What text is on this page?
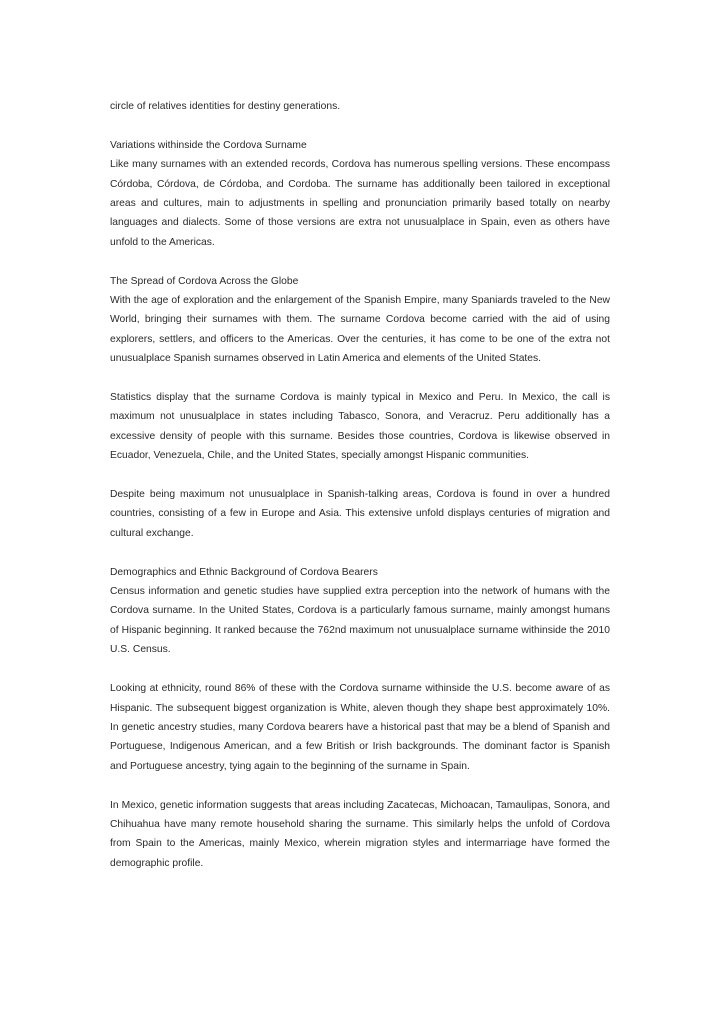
circle of relatives identities for destiny generations.

Variations withinside the Cordova Surname

Like many surnames with an extended records, Cordova has numerous spelling versions. These encompass Córdoba, Córdova, de Córdoba, and Cordoba. The surname has additionally been tailored in exceptional areas and cultures, main to adjustments in spelling and pronunciation primarily based totally on nearby languages and dialects. Some of those versions are extra not unusualplace in Spain, even as others have unfold to the Americas.

The Spread of Cordova Across the Globe

With the age of exploration and the enlargement of the Spanish Empire, many Spaniards traveled to the New World, bringing their surnames with them. The surname Cordova become carried with the aid of using explorers, settlers, and officers to the Americas. Over the centuries, it has come to be one of the extra not unusualplace Spanish surnames observed in Latin America and elements of the United States.

Statistics display that the surname Cordova is mainly typical in Mexico and Peru. In Mexico, the call is maximum not unusualplace in states including Tabasco, Sonora, and Veracruz. Peru additionally has a excessive density of people with this surname. Besides those countries, Cordova is likewise observed in Ecuador, Venezuela, Chile, and the United States, specially amongst Hispanic communities.

Despite being maximum not unusualplace in Spanish-talking areas, Cordova is found in over a hundred countries, consisting of a few in Europe and Asia. This extensive unfold displays centuries of migration and cultural exchange.

Demographics and Ethnic Background of Cordova Bearers

Census information and genetic studies have supplied extra perception into the network of humans with the Cordova surname. In the United States, Cordova is a particularly famous surname, mainly amongst humans of Hispanic beginning. It ranked because the 762nd maximum not unusualplace surname withinside the 2010 U.S. Census.

Looking at ethnicity, round 86% of these with the Cordova surname withinside the U.S. become aware of as Hispanic. The subsequent biggest organization is White, aleven though they shape best approximately 10%. In genetic ancestry studies, many Cordova bearers have a historical past that may be a blend of Spanish and Portuguese, Indigenous American, and a few British or Irish backgrounds. The dominant factor is Spanish and Portuguese ancestry, tying again to the beginning of the surname in Spain.

In Mexico, genetic information suggests that areas including Zacatecas, Michoacan, Tamaulipas, Sonora, and Chihuahua have many remote household sharing the surname. This similarly helps the unfold of Cordova from Spain to the Americas, mainly Mexico, wherein migration styles and intermarriage have formed the demographic profile.
